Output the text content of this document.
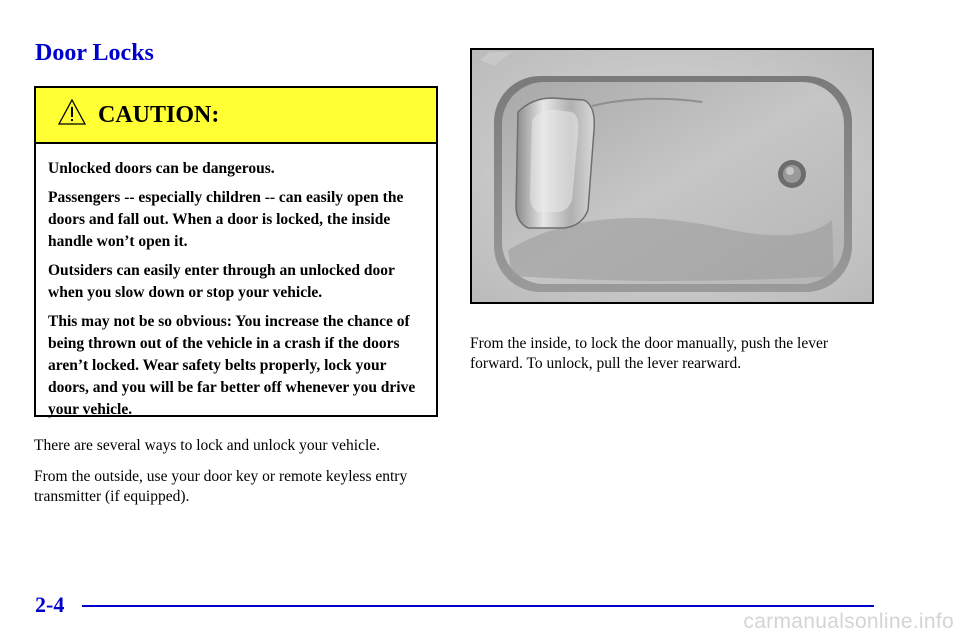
Door Locks
CAUTION:

Unlocked doors can be dangerous.

Passengers -- especially children -- can easily open the doors and fall out. When a door is locked, the inside handle won’t open it.

Outsiders can easily enter through an unlocked door when you slow down or stop your vehicle.

This may not be so obvious: You increase the chance of being thrown out of the vehicle in a crash if the doors aren’t locked. Wear safety belts properly, lock your doors, and you will be far better off whenever you drive your vehicle.

There are several ways to lock and unlock your vehicle.

From the outside, use your door key or remote keyless entry transmitter (if equipped).

From the inside, to lock the door manually, push the lever forward. To unlock, pull the lever rearward.

2-4
carmanualsonline.info
